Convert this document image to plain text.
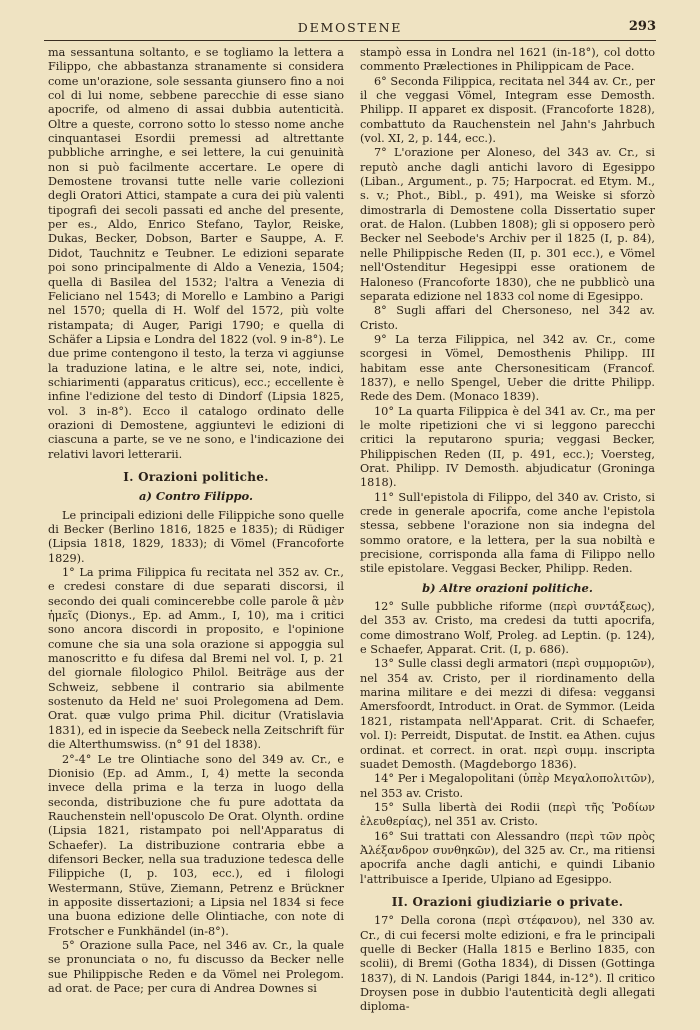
DEMOSTENE	293

ma sessantuna soltanto, e se togliamo la lettera a Filippo, che abbastanza stranamente si considera come un'orazione, sole sessanta giunsero fino a noi col di lui nome, sebbene parecchie di esse siano apocrife, od almeno di assai dubbia autenticità. Oltre a queste, corrono sotto lo stesso nome anche cinquantasei Esordii premessi ad altrettante pubbliche arringhe, e sei lettere, la cui genuinità non si può facilmente accertare. Le opere di Demostene trovansi tutte nelle varie collezioni degli Oratori Attici, stampate a cura dei più valenti tipografi dei secoli passati ed anche del presente, per es., Aldo, Enrico Stefano, Taylor, Reiske, Dukas, Becker, Dobson, Barter e Sauppe, A. F. Didot, Tauchnitz e Teubner. Le edizioni separate poi sono principalmente di Aldo a Venezia, 1504; quella di Basilea del 1532; l'altra a Venezia di Feliciano nel 1543; di Morello e Lambino a Parigi nel 1570; quella di H. Wolf del 1572, più volte ristampata; di Auger, Parigi 1790; e quella di Schäfer a Lipsia e Londra del 1822 (vol. 9 in-8°). Le due prime contengono il testo, la terza vi aggiunse la traduzione latina, e le altre sei, note, indici, schiarimenti (apparatus criticus), ecc.; eccellente è infine l'edizione del testo di Dindorf (Lipsia 1825, vol. 3 in-8°). Ecco il catalogo ordinato delle orazioni di Demostene, aggiuntevi le edizioni di ciascuna a parte, se ve ne sono, e l'indicazione dei relativi lavori letterarii.

I. Orazioni politiche.
a) Contro Filippo.

Le principali edizioni delle Filippiche sono quelle di Becker (Berlino 1816, 1825 e 1835); di Rüdiger (Lipsia 1818, 1829, 1833); di Vömel (Francoforte 1829).

1° La prima Filippica fu recitata nel 352 av. Cr., e credesi constare di due separati discorsi, il secondo dei quali comincerebbe colle parole ἃ μὲν ἡμεῖς (Dionys., Ep. ad Amm., I, 10), ma i critici sono ancora discordi in proposito, e l'opinione comune che sia una sola orazione si appoggia sul manoscritto e fu difesa dal Bremi nel vol. I, p. 21 del giornale filologico Philol. Beiträge aus der Schweiz, sebbene il contrario sia abilmente sostenuto da Held ne' suoi Prolegomena ad Dem. Orat. quæ vulgo prima Phil. dicitur (Vratislavia 1831), ed in ispecie da Seebeck nella Zeitschrift für die Alterthumswiss. (n° 91 del 1838).

2°-4° Le tre Olintiache sono del 349 av. Cr., e Dionisio (Ep. ad Amm., I, 4) mette la seconda invece della prima e la terza in luogo della seconda, distribuzione che fu pure adottata da Rauchenstein nell'opuscolo De Orat. Olynth. ordine (Lipsia 1821, ristampato poi nell'Apparatus di Schaefer). La distribuzione contraria ebbe a difensori Becker, nella sua traduzione tedesca delle Filippiche (I, p. 103, ecc.), ed i filologi Westermann, Stüve, Ziemann, Petrenz e Brückner in apposite dissertazioni; a Lipsia nel 1834 si fece una buona edizione delle Olintiache, con note di Frotscher e Funkhändel (in-8°).

5° Orazione sulla Pace, nel 346 av. Cr., la quale se pronunciata o no, fu discusso da Becker nelle sue Philippische Reden e da Vömel nei Prolegom. ad orat. de Pace; per cura di Andrea Downes si

stampò essa in Londra nel 1621 (in-18°), col dotto commento Prælectiones in Philippicam de Pace.

6° Seconda Filippica, recitata nel 344 av. Cr., per il che veggasi Vömel, Integram esse Demosth. Philipp. II apparet ex disposit. (Francoforte 1828), combattuto da Rauchenstein nel Jahn's Jahrbuch (vol. XI, 2, p. 144, ecc.).

7° L'orazione per Aloneso, del 343 av. Cr., si reputò anche dagli antichi lavoro di Egesippo (Liban., Argument., p. 75; Harpocrat. ed Etym. M., s. v.; Phot., Bibl., p. 491), ma Weiske si sforzò dimostrarla di Demostene colla Dissertatio super orat. de Halon. (Lubben 1808); gli si opposero però Becker nel Seebode's Archiv per il 1825 (I, p. 84), nelle Philippische Reden (II, p. 301 ecc.), e Vömel nell'Ostenditur Hegesippi esse orationem de Haloneso (Francoforte 1830), che ne pubblicò una separata edizione nel 1833 col nome di Egesippo.

8° Sugli affari del Chersoneso, nel 342 av. Cristo.

9° La terza Filippica, nel 342 av. Cr., come scorgesi in Vömel, Demosthenis Philipp. III habitam esse ante Chersonesiticam (Francof. 1837), e nello Spengel, Ueber die dritte Philipp. Rede des Dem. (Monaco 1839).

10° La quarta Filippica è del 341 av. Cr., ma per le molte ripetizioni che vi si leggono parecchi critici la reputarono spuria; veggasi Becker, Philippischen Reden (II, p. 491, ecc.); Voersteg, Orat. Philipp. IV Demosth. abjudicatur (Groninga 1818).

11° Sull'epistola di Filippo, del 340 av. Cristo, si crede in generale apocrifa, come anche l'epistola stessa, sebbene l'orazione non sia indegna del sommo oratore, e la lettera, per la sua nobiltà e precisione, corrisponda alla fama di Filippo nello stile epistolare. Veggasi Becker, Philipp. Reden.

b) Altre orazioni politiche.

12° Sulle pubbliche riforme (περὶ συντάξεως), del 353 av. Cristo, ma credesi da tutti apocrifa, come dimostrano Wolf, Proleg. ad Leptin. (p. 124), e Schaefer, Apparat. Crit. (I, p. 686).

13° Sulle classi degli armatori (περὶ συμμοριῶν), nel 354 av. Cristo, per il riordinamento della marina militare e dei mezzi di difesa: veggansi Amersfoordt, Introduct. in Orat. de Symmor. (Leida 1821, ristampata nell'Apparat. Crit. di Schaefer, vol. I): Perreidt, Disputat. de Instit. ea Athen. cujus ordinat. et correct. in orat. περὶ συμμ. inscripta suadet Demosth. (Magdeborgo 1836).

14° Per i Megalopolitani (ὑπὲρ Μεγαλοπολιτῶν), nel 353 av. Cristo.

15° Sulla libertà dei Rodii (περὶ τῆς Ῥοδίων ἐλευθερίας), nel 351 av. Cristo.

16° Sui trattati con Alessandro (περὶ τῶν πρὸς Ἀλέξανδρον συνθηκῶν), del 325 av. Cr., ma ritiensi apocrifa anche dagli antichi, e quindi Libanio l'attribuisce a Iperide, Ulpiano ad Egesippo.

II. Orazioni giudiziarie o private.

17° Della corona (περὶ στέφανου), nel 330 av. Cr., di cui fecersi molte edizioni, e fra le principali quelle di Becker (Halla 1815 e Berlino 1835, con scolii), di Bremi (Gotha 1834), di Dissen (Gottinga 1837), di N. Landois (Parigi 1844, in-12°). Il critico Droysen pose in dubbio l'autenticità degli allegati diploma-
